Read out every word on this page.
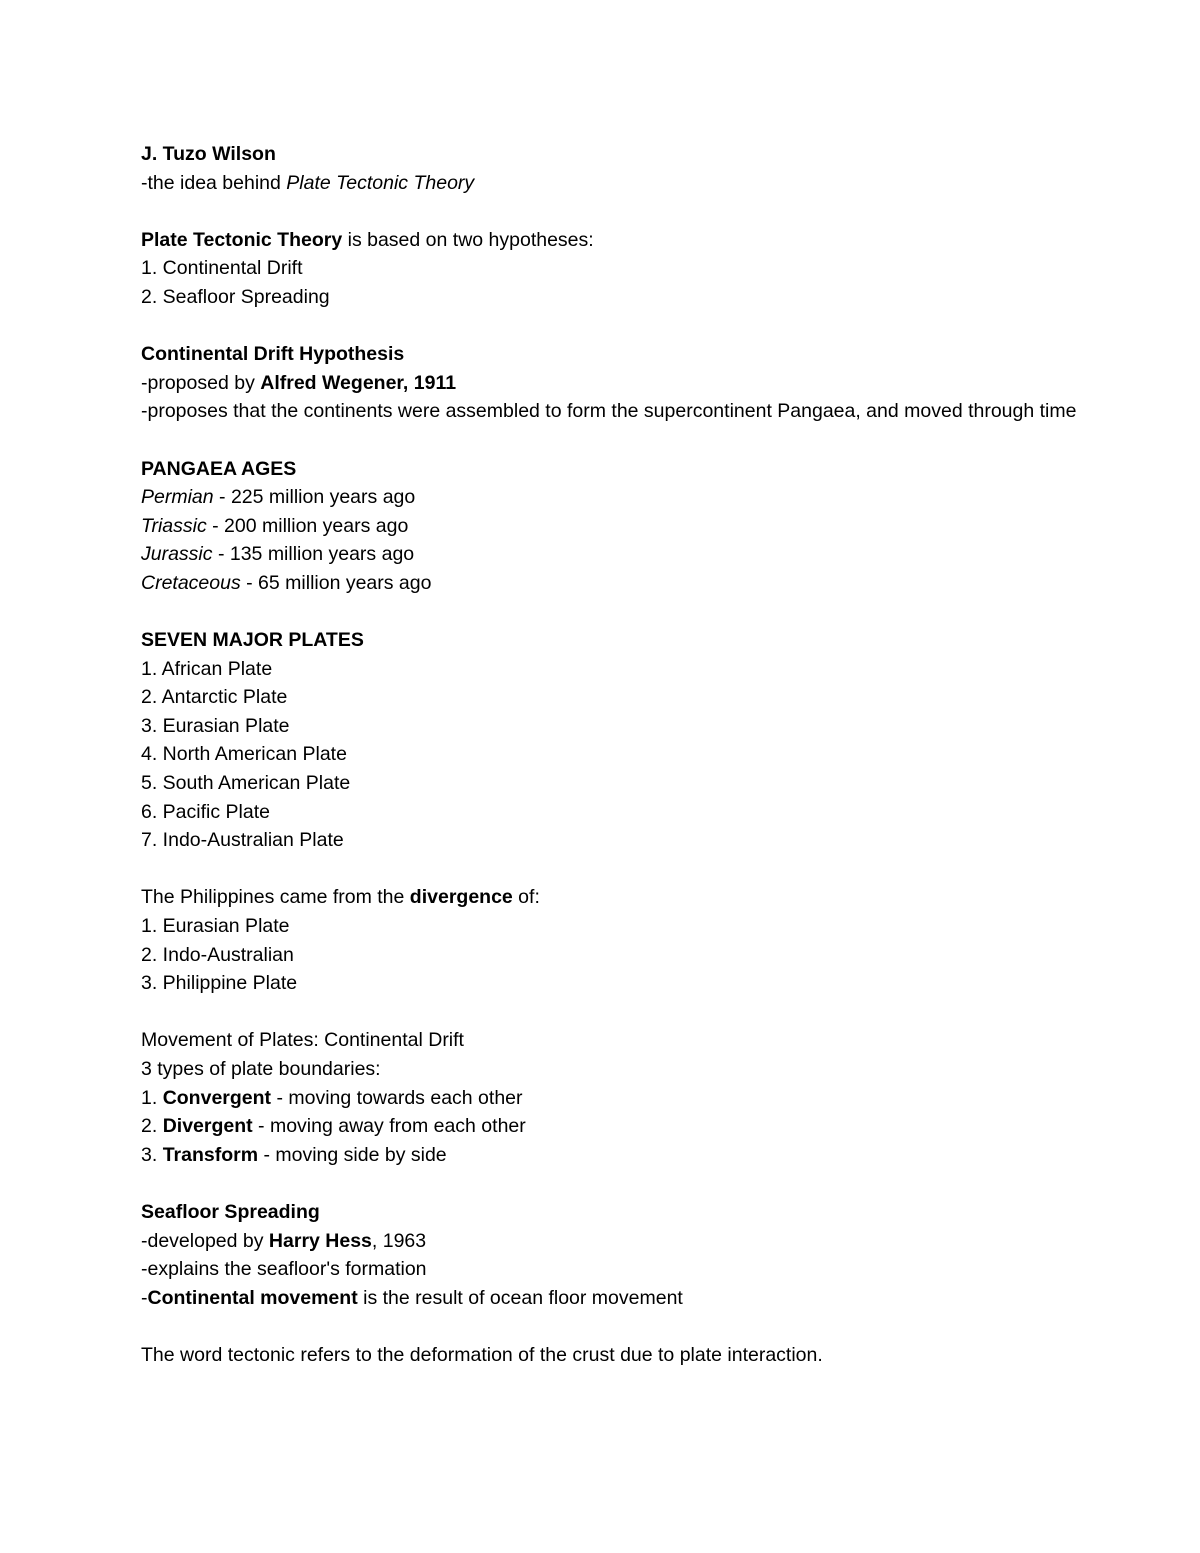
J. Tuzo Wilson
-the idea behind Plate Tectonic Theory
Plate Tectonic Theory is based on two hypotheses:
1. Continental Drift
2. Seafloor Spreading
Continental Drift Hypothesis
-proposed by Alfred Wegener, 1911
-proposes that the continents were assembled to form the supercontinent Pangaea, and moved through time
PANGAEA AGES
Permian - 225 million years ago
Triassic - 200 million years ago
Jurassic - 135 million years ago
Cretaceous - 65 million years ago
SEVEN MAJOR PLATES
1. African Plate
2. Antarctic Plate
3. Eurasian Plate
4. North American Plate
5. South American Plate
6. Pacific Plate
7. Indo-Australian Plate
The Philippines came from the divergence of:
1. Eurasian Plate
2. Indo-Australian
3. Philippine Plate
Movement of Plates: Continental Drift
3 types of plate boundaries:
1. Convergent - moving towards each other
2. Divergent - moving away from each other
3. Transform - moving side by side
Seafloor Spreading
-developed by Harry Hess, 1963
-explains the seafloor's formation
-Continental movement is the result of ocean floor movement
The word tectonic refers to the deformation of the crust due to plate interaction.
